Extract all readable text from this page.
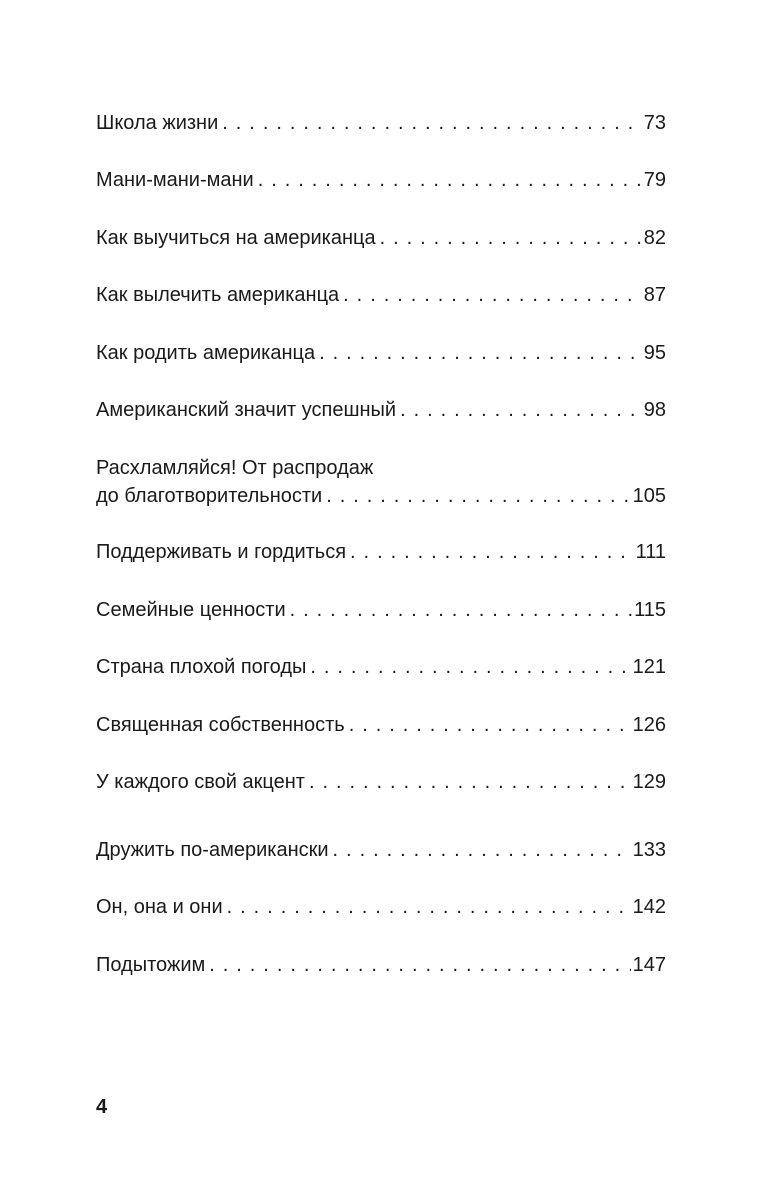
Школа жизни . . .	73
Мани-мани-мани . . .	79
Как выучиться на американца . . .	82
Как вылечить американца . . .	87
Как родить американца . . .	95
Американский значит успешный . . .	98
Расхламляйся! От распродаж
до благотворительности . . .	105
Поддерживать и гордиться . . .	111
Семейные ценности . . .	115
Страна плохой погоды . . .	121
Священная собственность . . .	126
У каждого свой акцент . . .	129
Дружить по-американски . . .	133
Он, она и они . . .	142
Подытожим . . .	147
4
